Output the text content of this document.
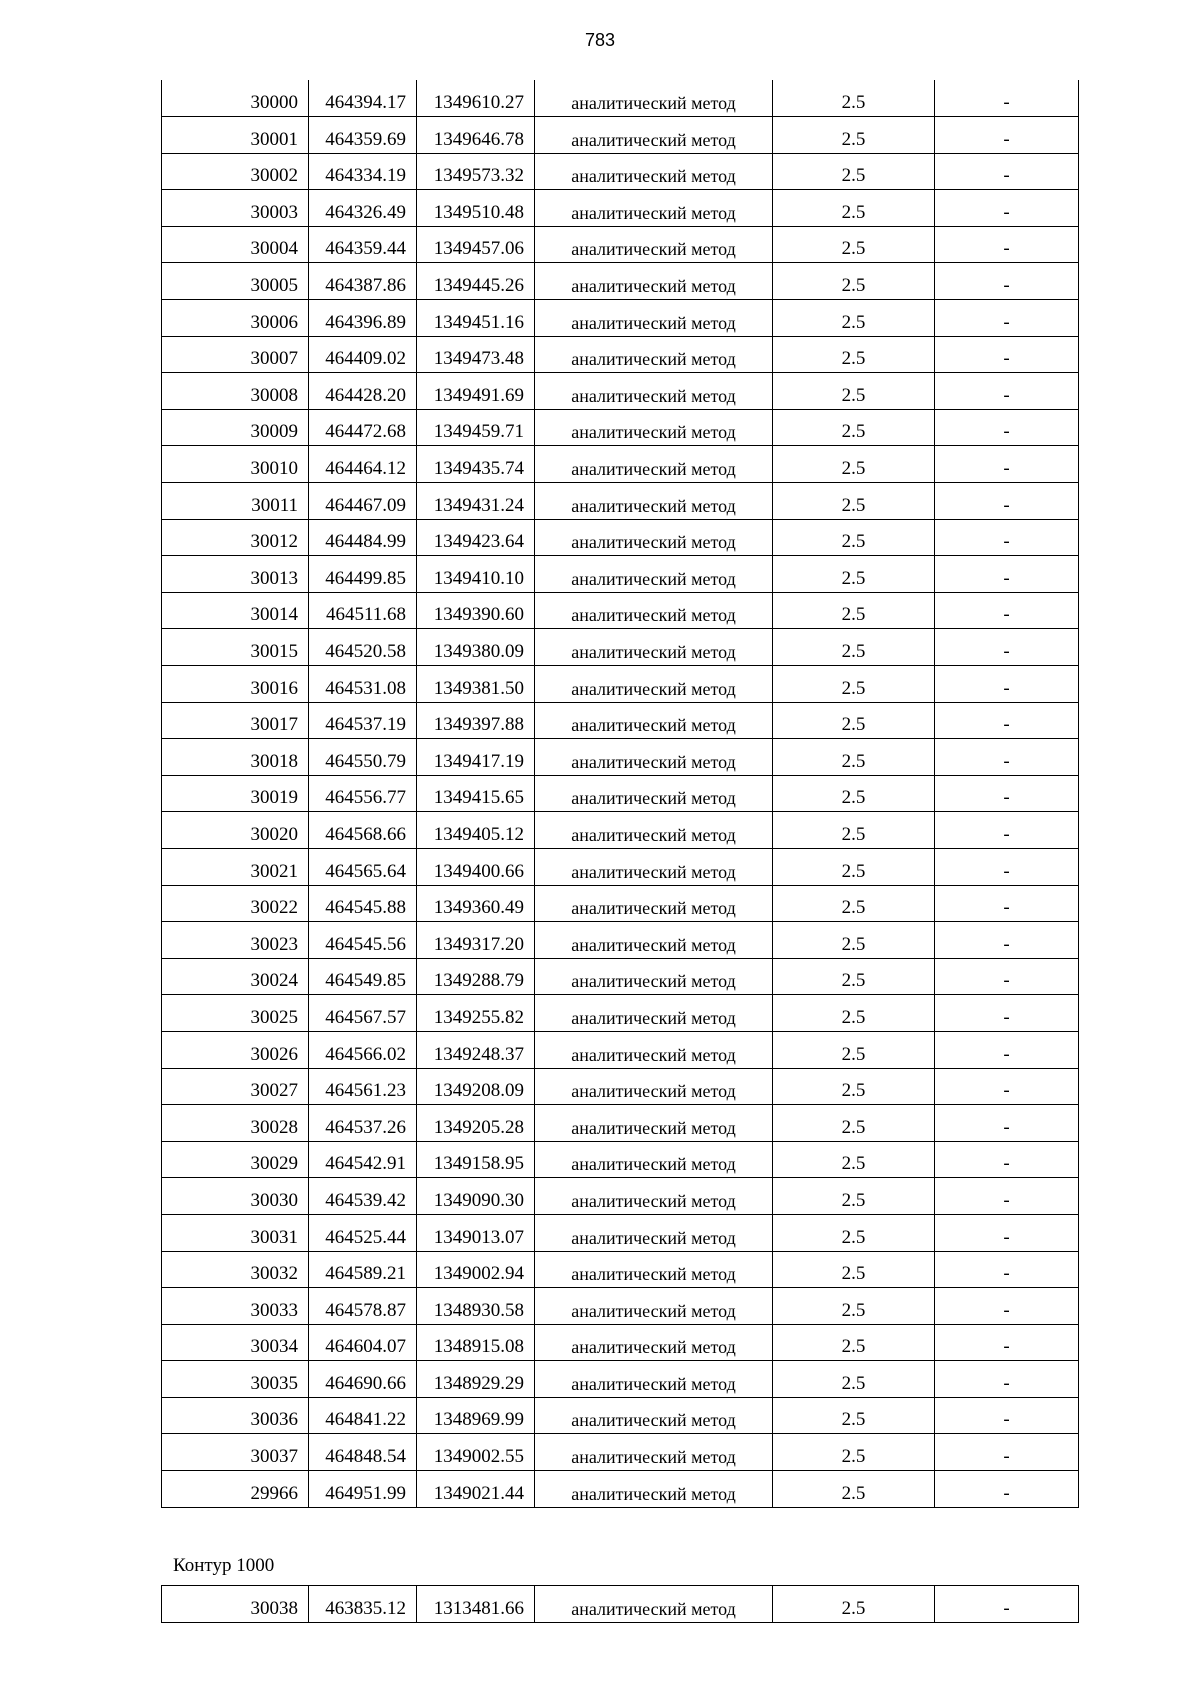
783
30000	464394.17	1349610.27	аналитический метод	2.5	-
30001	464359.69	1349646.78	аналитический метод	2.5	-
30002	464334.19	1349573.32	аналитический метод	2.5	-
30003	464326.49	1349510.48	аналитический метод	2.5	-
30004	464359.44	1349457.06	аналитический метод	2.5	-
30005	464387.86	1349445.26	аналитический метод	2.5	-
30006	464396.89	1349451.16	аналитический метод	2.5	-
30007	464409.02	1349473.48	аналитический метод	2.5	-
30008	464428.20	1349491.69	аналитический метод	2.5	-
30009	464472.68	1349459.71	аналитический метод	2.5	-
30010	464464.12	1349435.74	аналитический метод	2.5	-
30011	464467.09	1349431.24	аналитический метод	2.5	-
30012	464484.99	1349423.64	аналитический метод	2.5	-
30013	464499.85	1349410.10	аналитический метод	2.5	-
30014	464511.68	1349390.60	аналитический метод	2.5	-
30015	464520.58	1349380.09	аналитический метод	2.5	-
30016	464531.08	1349381.50	аналитический метод	2.5	-
30017	464537.19	1349397.88	аналитический метод	2.5	-
30018	464550.79	1349417.19	аналитический метод	2.5	-
30019	464556.77	1349415.65	аналитический метод	2.5	-
30020	464568.66	1349405.12	аналитический метод	2.5	-
30021	464565.64	1349400.66	аналитический метод	2.5	-
30022	464545.88	1349360.49	аналитический метод	2.5	-
30023	464545.56	1349317.20	аналитический метод	2.5	-
30024	464549.85	1349288.79	аналитический метод	2.5	-
30025	464567.57	1349255.82	аналитический метод	2.5	-
30026	464566.02	1349248.37	аналитический метод	2.5	-
30027	464561.23	1349208.09	аналитический метод	2.5	-
30028	464537.26	1349205.28	аналитический метод	2.5	-
30029	464542.91	1349158.95	аналитический метод	2.5	-
30030	464539.42	1349090.30	аналитический метод	2.5	-
30031	464525.44	1349013.07	аналитический метод	2.5	-
30032	464589.21	1349002.94	аналитический метод	2.5	-
30033	464578.87	1348930.58	аналитический метод	2.5	-
30034	464604.07	1348915.08	аналитический метод	2.5	-
30035	464690.66	1348929.29	аналитический метод	2.5	-
30036	464841.22	1348969.99	аналитический метод	2.5	-
30037	464848.54	1349002.55	аналитический метод	2.5	-
29966	464951.99	1349021.44	аналитический метод	2.5	-
Контур 1000
30038	463835.12	1313481.66	аналитический метод	2.5	-
